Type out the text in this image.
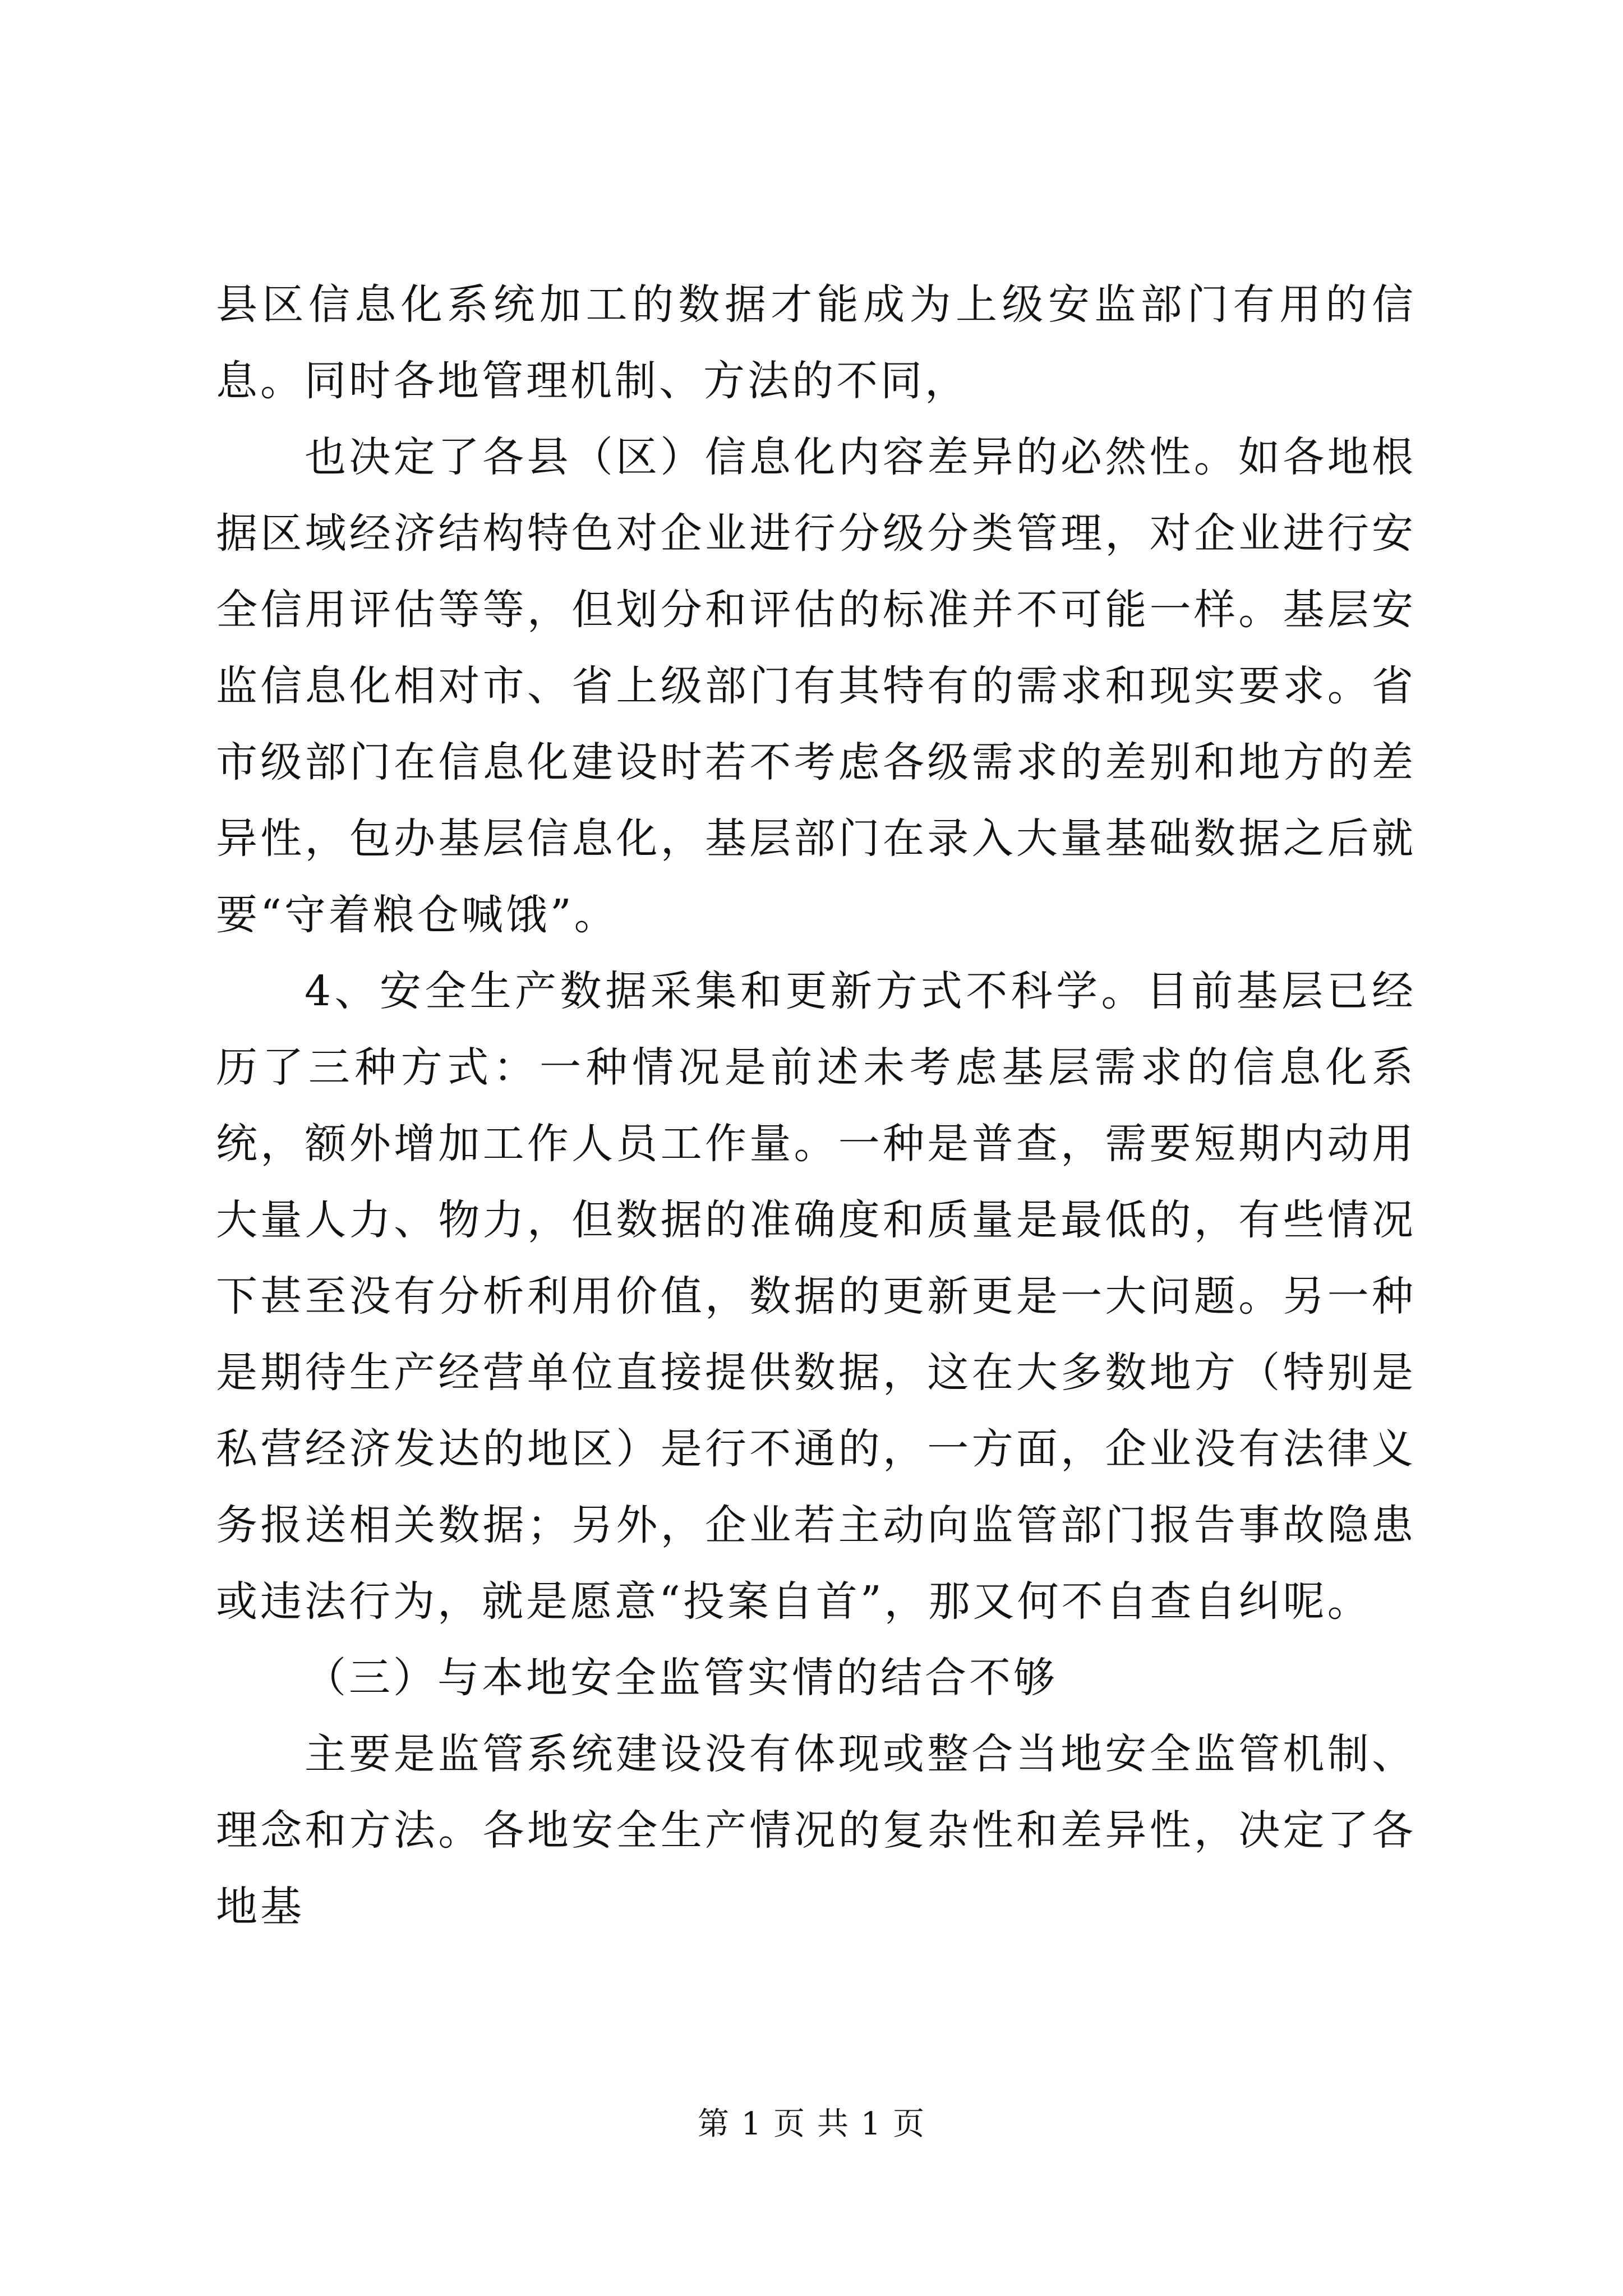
县区信息化系统加工的数据才能成为上级安监部门有用的信息。同时各地管理机制、方法的不同，

也决定了各县（区）信息化内容差异的必然性。如各地根据区域经济结构特色对企业进行分级分类管理，对企业进行安全信用评估等等，但划分和评估的标准并不可能一样。基层安监信息化相对市、省上级部门有其特有的需求和现实要求。省市级部门在信息化建设时若不考虑各级需求的差别和地方的差异性，包办基层信息化，基层部门在录入大量基础数据之后就要“守着粮仓喊饿”。

4、安全生产数据采集和更新方式不科学。目前基层已经历了三种方式：一种情况是前述未考虑基层需求的信息化系统，额外增加工作人员工作量。一种是普查，需要短期内动用大量人力、物力，但数据的准确度和质量是最低的，有些情况下甚至没有分析利用价值，数据的更新更是一大问题。另一种是期待生产经营单位直接提供数据，这在大多数地方（特别是私营经济发达的地区）是行不通的，一方面，企业没有法律义务报送相关数据；另外，企业若主动向监管部门报告事故隐患或违法行为，就是愿意“投案自首”，那又何不自查自纠呢。

（三）与本地安全监管实情的结合不够

主要是监管系统建设没有体现或整合当地安全监管机制、理念和方法。各地安全生产情况的复杂性和差异性，决定了各地基

第 1 页 共 1 页
